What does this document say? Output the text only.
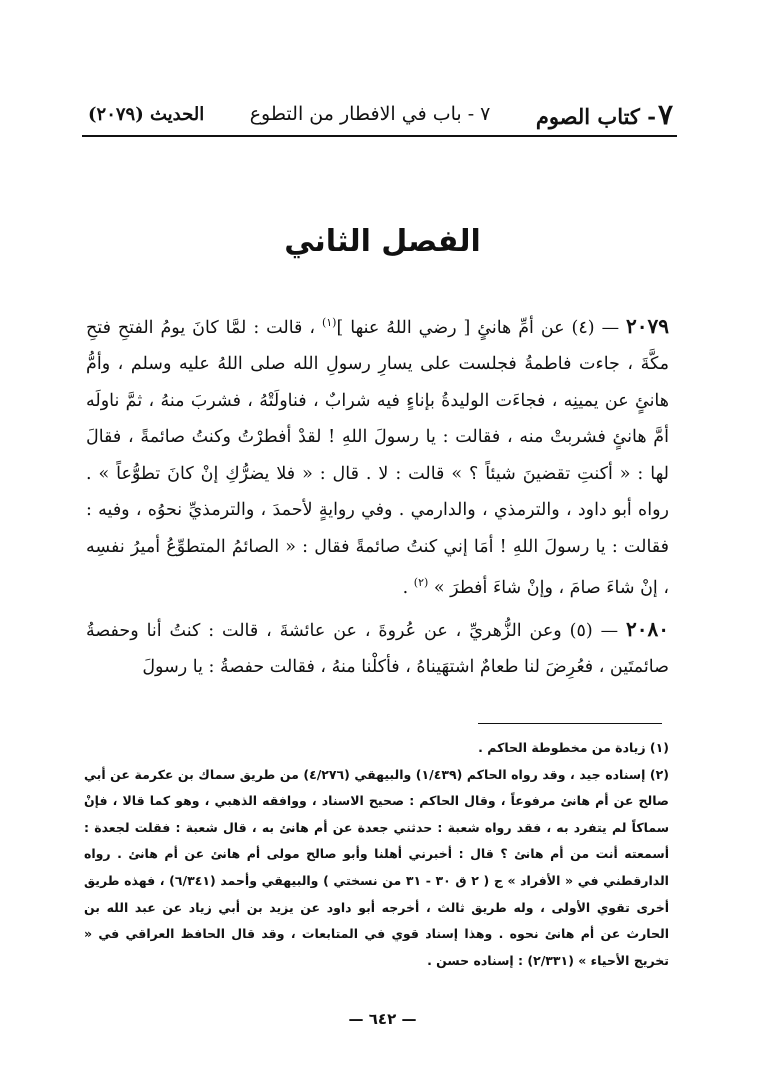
٧- كتاب الصوم
٧ - باب في الافطار من التطوع
الحديث (٢٠٧٩)
الفصل الثاني

٢٠٧٩ — (٤) عن أمِّ هانئٍ [ رضي اللهُ عنها ]$^{(١)}$ ، قالت : لمَّا كانَ يومُ الفتحِ فتحِ مكَّةَ ، جاءت فاطمةُ فجلست على يسارِ رسولِ الله صلى اللهُ عليه وسلم ، وأمُّ هانئٍ عن يمينِه ، فجاءَت الوليدةُ بإناءٍ فيه شرابٌ ، فناولَتْهُ ، فشربَ منهُ ، ثمَّ ناولَه أمَّ هانئٍ فشربتْ منه ، فقالت : يا رسولَ اللهِ ! لقدْ أفطرْتُ وكنتُ صائمةً ، فقالَ لها : « أكنتِ تقضينَ شيئاً ؟ » قالت : لا . قال : « فلا يضرُّكِ إنْ كانَ تطوُّعاً » . رواه أبو داود ، والترمذي ، والدارمي . وفي روايةٍ لأحمدَ ، والترمذيِّ نحوُه ، وفيه : فقالت : يا رسولَ اللهِ ! أمَا إني كنتُ صائمةً فقال : « الصائمُ المتطوِّعُ أميرُ نفسِه ، إنْ شاءَ صامَ ، وإنْ شاءَ أفطرَ » $^{(٢)}$ .

٢٠٨٠ — (٥) وعن الزُّهريِّ ، عن عُروةَ ، عن عائشةَ ، قالت : كنتُ أنا وحفصةُ صائمتَين ، فعُرِضَ لنا طعامٌ اشتهَيناهُ ، فأكلْنا منهُ ، فقالت حفصةُ : يا رسولَ

(١) زيادة من مخطوطة الحاكم .

(٢) إسناده جيد ، وقد رواه الحاكم (١/٤٣٩) والبيهقي (٤/٢٧٦) من طريق سماك بن عكرمة عن أبي صالح عن أم هانئ مرفوعاً ، وقال الحاكم : صحيح الاسناد ، ووافقه الذهبي ، وهو كما قالا ، فإنْ سماكاً لم يتفرد به ، فقد رواه شعبة : حدثني جعدة عن أم هانئ به ، قال شعبة : فقلت لجعدة : أسمعته أنت من أم هانئ ؟ قال : أخبرني أهلنا وأبو صالح مولى أم هانئ عن أم هانئ . رواه الدارقطني في « الأفراد » ج ( ٢ ق ٣٠ - ٣١ من نسختي ) والبيهقي وأحمد (٦/٣٤١) ، فهذه طريق أخرى تقوي الأولى ، وله طريق ثالث ، أخرجه أبو داود عن يزيد بن أبي زياد عن عبد الله بن الحارث عن أم هانئ نحوه . وهذا إسناد قوي في المتابعات ، وقد قال الحافظ العراقي في « تخريج الأحياء » (٢/٣٣١) : إسناده حسن .

— ٦٤٢ —
